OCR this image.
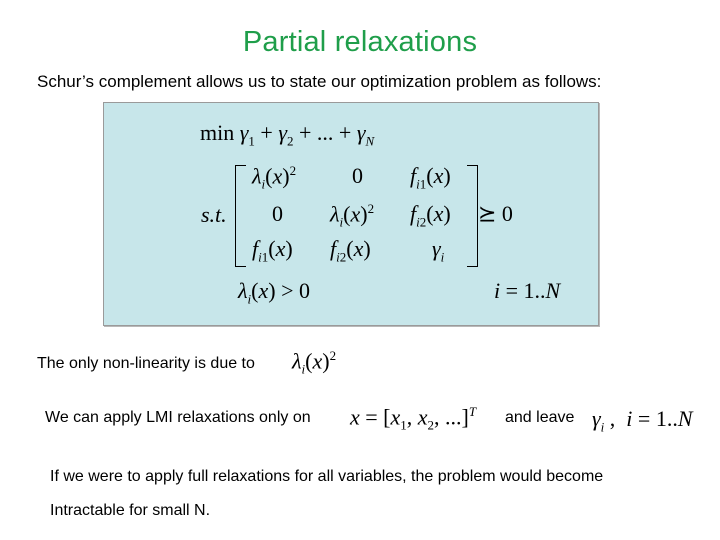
Partial relaxations
Schur’s complement allows us to state our optimization problem as follows:
$\min \gamma_1 + \gamma_2$ + ... + $\gamma_N$
s.t.
$\lambda_i(x)^2$	0 $f_{i1}(x)$
0 $\lambda_i(x)^2$ $f_{i2}(x)$
$f_{i1}(x)$ $f_{i2}(x)$	$\gamma_i$
⪰ 0
$\lambda_i(x) > 0$	i = 1..N
The only non-linearity is due to $\lambda_i(x)^2$
We can apply LMI relaxations only on $x = [x_1$, $x_2$, ...]$^T$ and leave $\gamma_i$ ,  i = 1..N
If we were to apply full relaxations for all variables, the problem would become
Intractable for small N.
